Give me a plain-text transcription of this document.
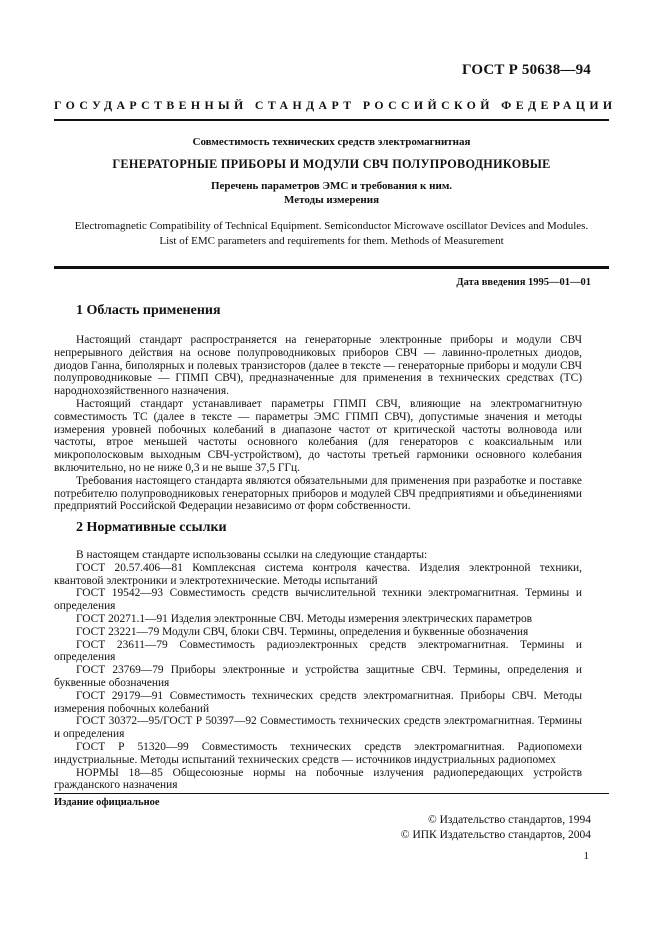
ГОСТ Р 50638—94
ГОСУДАРСТВЕННЫЙ СТАНДАРТ РОССИЙСКОЙ ФЕДЕРАЦИИ
Совместимость технических средств электромагнитная
ГЕНЕРАТОРНЫЕ ПРИБОРЫ И МОДУЛИ СВЧ ПОЛУПРОВОДНИКОВЫЕ
Перечень параметров ЭМС и требования к ним.
Методы измерения
Electromagnetic Compatibility of Technical Equipment. Semiconductor Microwave oscillator Devices and Modules.
List of EMC parameters and requirements for them. Methods of Measurement
Дата введения 1995—01—01
1 Область применения

Настоящий стандарт распространяется на генераторные электронные приборы и модули СВЧ непрерывного действия на основе полупроводниковых приборов СВЧ — лавинно-пролетных диодов, диодов Ганна, биполярных и полевых транзисторов (далее в тексте — генераторные приборы и модули СВЧ полупроводниковые — ГПМП СВЧ), предназначенные для применения в технических средствах (ТС) народнохозяйственного назначения.

Настоящий стандарт устанавливает параметры ГПМП СВЧ, влияющие на электромагнитную совместимость ТС (далее в тексте — параметры ЭМС ГПМП СВЧ), допустимые значения и методы измерения уровней побочных колебаний в диапазоне частот от критической частоты волновода или частоты, втрое меньшей частоты основного колебания (для генераторов с коаксиальным или микрополосковым выходным СВЧ-устройством), до частоты третьей гармоники основного колебания включительно, но не ниже 0,3 и не выше 37,5 ГГц.

Требования настоящего стандарта являются обязательными для применения при разработке и поставке потребителю полупроводниковых генераторных приборов и модулей СВЧ предприятиями и объединениями предприятий Российской Федерации независимо от форм собственности.

2 Нормативные ссылки

В настоящем стандарте использованы ссылки на следующие стандарты:

ГОСТ 20.57.406—81 Комплексная система контроля качества. Изделия электронной техники, квантовой электроники и электротехнические. Методы испытаний

ГОСТ 19542—93 Совместимость средств вычислительной техники электромагнитная. Термины и определения

ГОСТ 20271.1—91 Изделия электронные СВЧ. Методы измерения электрических параметров

ГОСТ 23221—79 Модули СВЧ, блоки СВЧ. Термины, определения и буквенные обозначения

ГОСТ 23611—79 Совместимость радиоэлектронных средств электромагнитная. Термины и определения

ГОСТ 23769—79 Приборы электронные и устройства защитные СВЧ. Термины, определения и буквенные обозначения

ГОСТ 29179—91 Совместимость технических средств электромагнитная. Приборы СВЧ. Методы измерения побочных колебаний

ГОСТ 30372—95/ГОСТ Р 50397—92 Совместимость технических средств электромагнитная. Термины и определения

ГОСТ Р 51320—99 Совместимость технических средств электромагнитная. Радиопомехи индустриальные. Методы испытаний технических средств — источников индустриальных радиопомех

НОРМЫ 18—85 Общесоюзные нормы на побочные излучения радиопередающих устройств гражданского назначения

Издание официальное
© Издательство стандартов, 1994
© ИПК Издательство стандартов, 2004
1
